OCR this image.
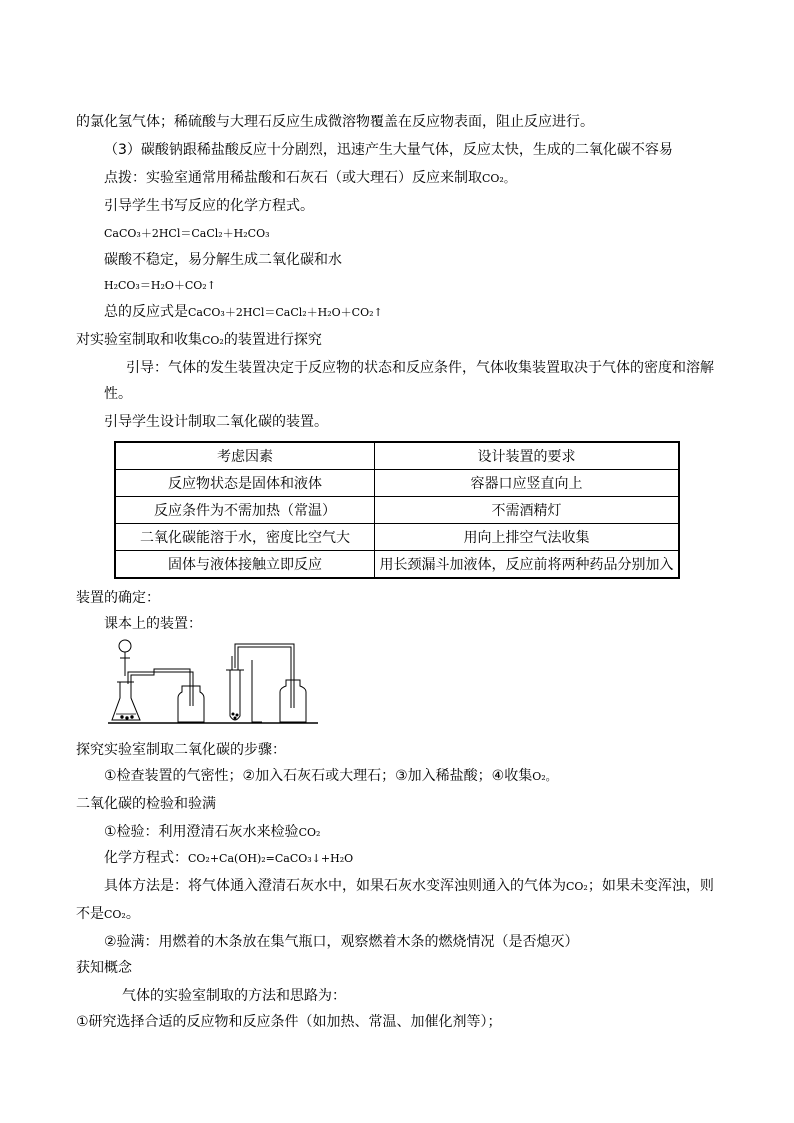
的氯化氢气体；稀硫酸与大理石反应生成微溶物覆盖在反应物表面，阻止反应进行。
（3）碳酸钠跟稀盐酸反应十分剧烈，迅速产生大量气体，反应太快，生成的二氧化碳不容易
点拨：实验室通常用稀盐酸和石灰石（或大理石）反应来制取CO₂。
引导学生书写反应的化学方程式。
CaCO₃＋2HCl＝CaCl₂＋H₂CO₃
碳酸不稳定，易分解生成二氧化碳和水
H₂CO₃＝H₂O＋CO₂↑
总的反应式是CaCO₃＋2HCl＝CaCl₂＋H₂O＋CO₂↑
对实验室制取和收集CO₂的装置进行探究
引导：气体的发生装置决定于反应物的状态和反应条件，气体收集装置取决于气体的密度和溶解
性。
引导学生设计制取二氧化碳的装置。
考虑因素	设计装置的要求
反应物状态是固体和液体	容器口应竖直向上
反应条件为不需加热（常温）	不需酒精灯
二氧化碳能溶于水，密度比空气大	用向上排空气法收集
固体与液体接触立即反应	用长颈漏斗加液体，反应前将两种药品分别加入
装置的确定：
课本上的装置：
探究实验室制取二氧化碳的步骤：
①检查装置的气密性；②加入石灰石或大理石；③加入稀盐酸；④收集O₂。
二氧化碳的检验和验满
①检验：利用澄清石灰水来检验CO₂
化学方程式：CO₂+Ca(OH)₂=CaCO₃↓+H₂O
具体方法是：将气体通入澄清石灰水中，如果石灰水变浑浊则通入的气体为CO₂；如果未变浑浊，则
不是CO₂。
②验满：用燃着的木条放在集气瓶口，观察燃着木条的燃烧情况（是否熄灭）
获知概念
气体的实验室制取的方法和思路为：
①研究选择合适的反应物和反应条件（如加热、常温、加催化剂等）；
